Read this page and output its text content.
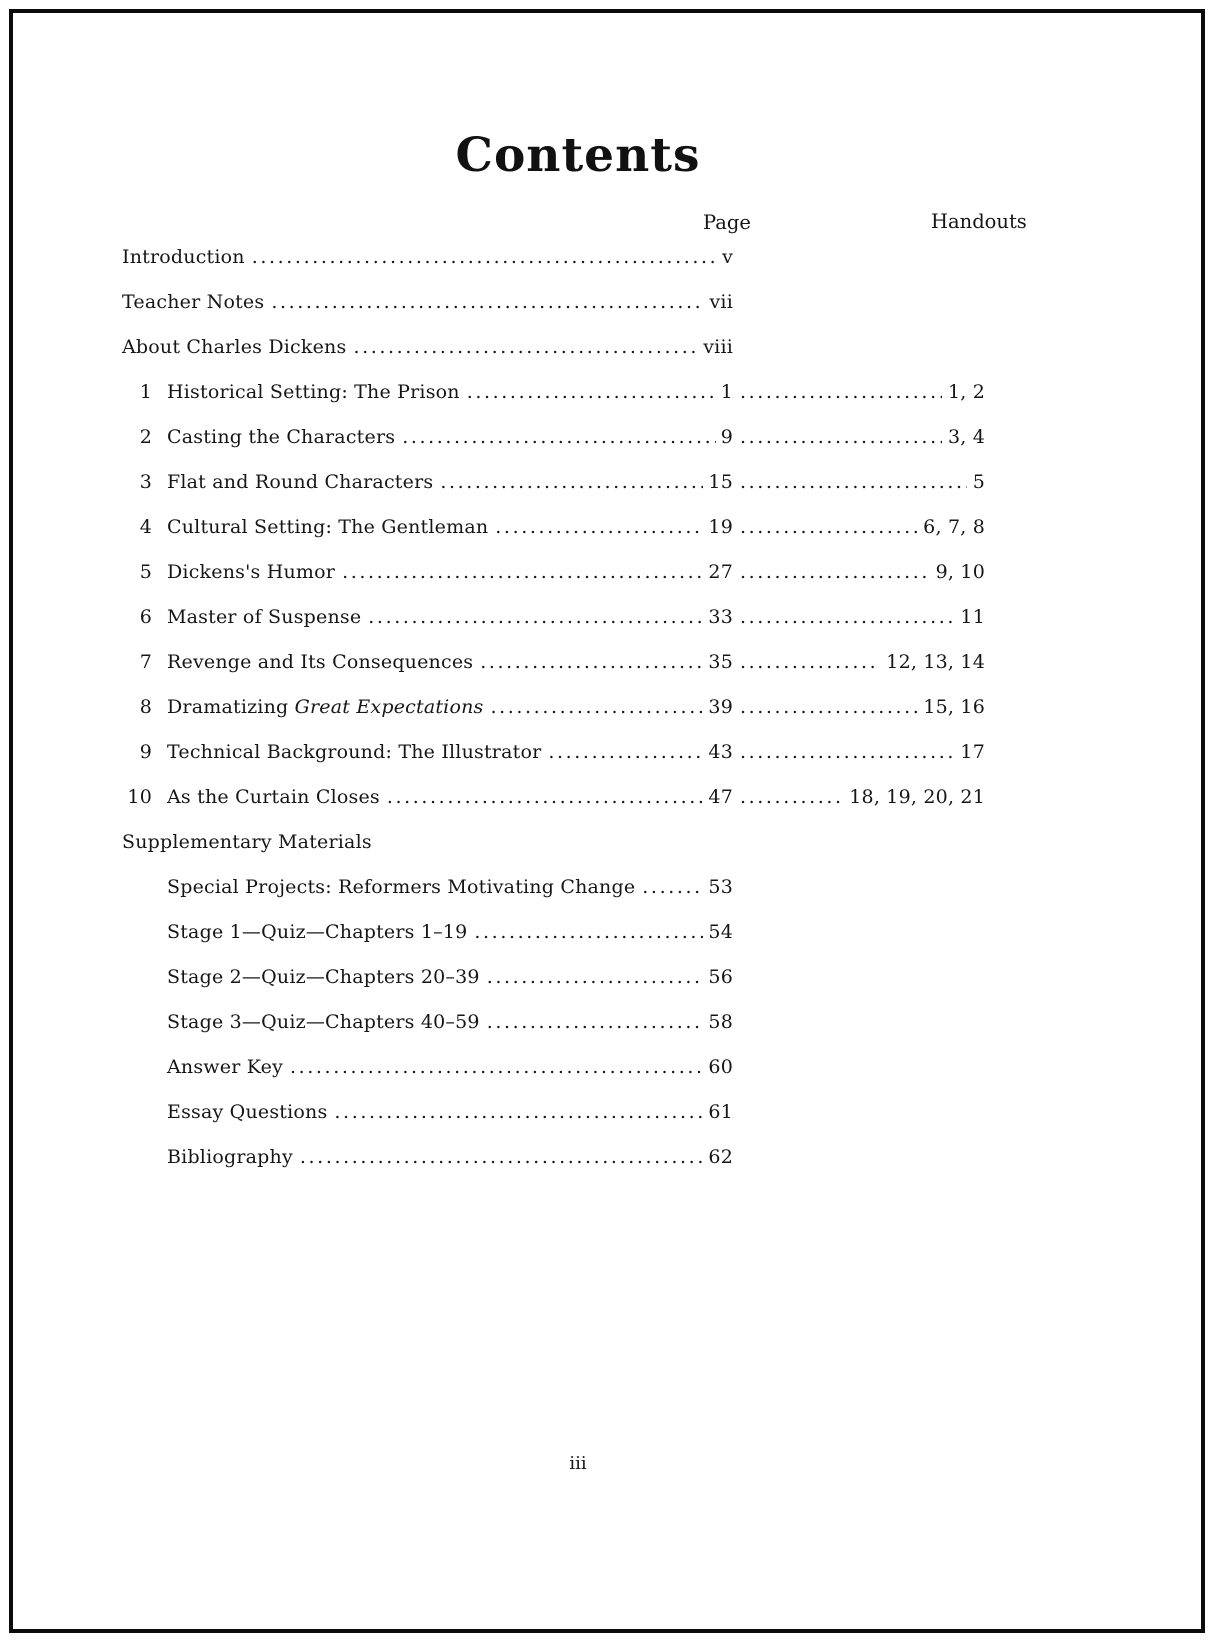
Contents
Page	Handouts
Introduction .....	v
Teacher Notes .....	vii
About Charles Dickens .....	viii
1 Historical Setting: The Prison .....	1 .....	1, 2
2 Casting the Characters .....	9 .....	3, 4
3 Flat and Round Characters .....	15 .....	5
4 Cultural Setting: The Gentleman .....	19 .....	6, 7, 8
5 Dickens's Humor .....	27 .....	9, 10
6 Master of Suspense .....	33 .....	11
7 Revenge and Its Consequences .....	35 .....	12, 13, 14
8 Dramatizing Great Expectations .....	39 .....	15, 16
9 Technical Background: The Illustrator .....	43 .....	17
10 As the Curtain Closes .....	47 .....	18, 19, 20, 21
Supplementary Materials
Special Projects: Reformers Motivating Change .....	53
Stage 1—Quiz—Chapters 1–19 .....	54
Stage 2—Quiz—Chapters 20–39 .....	56
Stage 3—Quiz—Chapters 40–59 .....	58
Answer Key .....	60
Essay Questions .....	61
Bibliography .....	62
iii
